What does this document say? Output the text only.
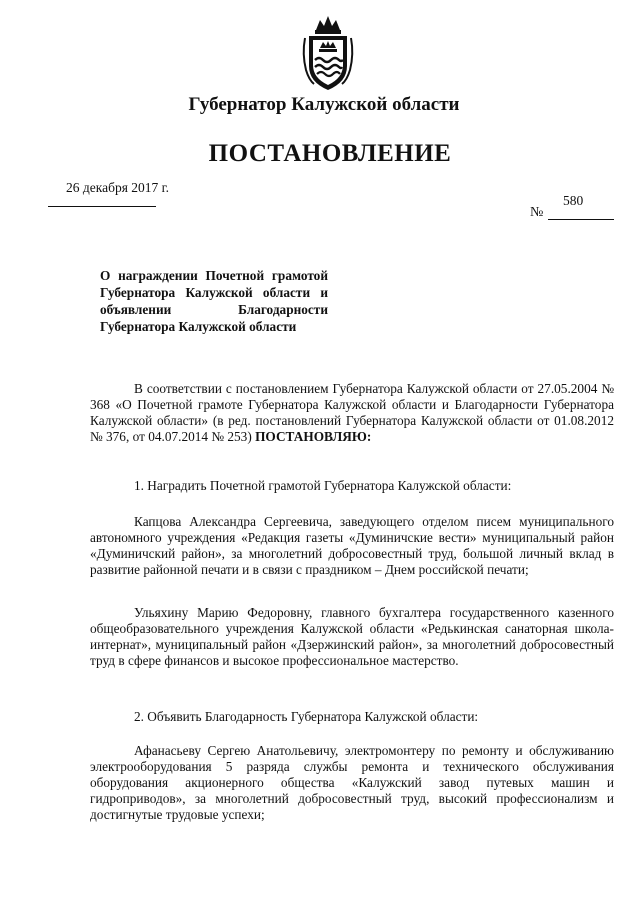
Губернатор Калужской области
ПОСТАНОВЛЕНИЕ
26 декабря 2017 г.
580
№
О награждении Почетной грамотой Губернатора Калужской области и объявлении Благодарности Губернатора Калужской области
В соответствии с постановлением Губернатора Калужской области от 27.05.2004 № 368 «О Почетной грамоте Губернатора Калужской области и Благодарности Губернатора Калужской области» (в ред. постановлений Губернатора Калужской области от 01.08.2012 № 376, от 04.07.2014 № 253) ПОСТАНОВЛЯЮ:
1. Наградить Почетной грамотой Губернатора Калужской области:
Капцова Александра Сергеевича, заведующего отделом писем муниципального автономного учреждения «Редакция газеты «Думиничские вести» муниципальный район «Думиничский район», за многолетний добросовестный труд, большой личный вклад в развитие районной печати и в связи с праздником – Днем российской печати;
Ульяхину Марию Федоровну, главного бухгалтера государственного казенного общеобразовательного учреждения Калужской области «Редькинская санаторная школа-интернат», муниципальный район «Дзержинский район», за многолетний добросовестный труд в сфере финансов и высокое профессиональное мастерство.
2. Объявить Благодарность Губернатора Калужской области:
Афанасьеву Сергею Анатольевичу, электромонтеру по ремонту и обслуживанию электрооборудования 5 разряда службы ремонта и технического обслуживания оборудования акционерного общества «Калужский завод путевых машин и гидроприводов», за многолетний добросовестный труд, высокий профессионализм и достигнутые трудовые успехи;
